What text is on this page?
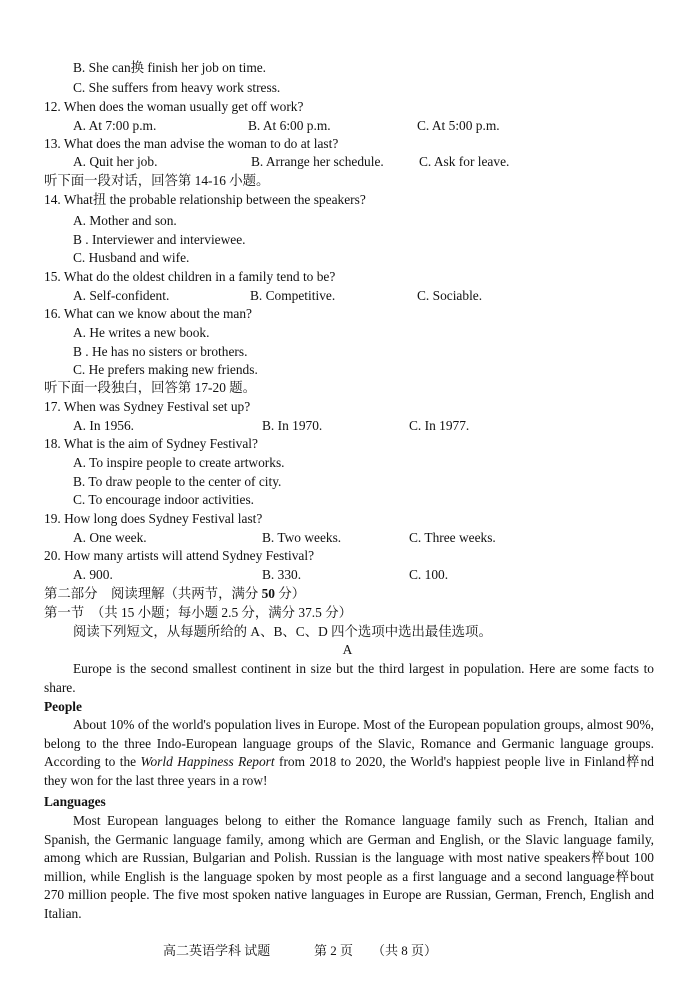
B. She can换 finish her job on time.
C. She suffers from heavy work stress.
12. When does the woman usually get off work?
A. At 7:00 p.m.	B. At 6:00 p.m.	C. At 5:00 p.m.
13. What does the man advise the woman to do at last?
A. Quit her job.	B. Arrange her schedule.	C. Ask for leave.
听下面一段对话，回答第 14-16 小题。
14. What扭 the probable relationship between the speakers?
A. Mother and son.
B . Interviewer and interviewee.
C. Husband and wife.
15. What do the oldest children in a family tend to be?
A. Self-confident.	B. Competitive.	C. Sociable.
16. What can we know about the man?
A. He writes a new book.
B . He has no sisters or brothers.
C. He prefers making new friends.
听下面一段独白，回答第 17-20 题。
17. When was Sydney Festival set up?
A. In 1956.	B. In 1970.	C. In 1977.
18. What is the aim of Sydney Festival?
A. To inspire people to create artworks.
B. To draw people to the center of city.
C. To encourage indoor activities.
19. How long does Sydney Festival last?
A. One week.	B. Two weeks.	C. Three weeks.
20. How many artists will attend Sydney Festival?
A. 900.	B. 330.	C. 100.
第二部分　阅读理解（共两节，满分 50 分）
第一节　（共 15 小题；每小题 2.5 分，满分 37.5 分）
阅读下列短文，从每题所给的 A、B、C、D 四个选项中选出最佳选项。
A
Europe is the second smallest continent in size but the third largest in population. Here are some facts to share.
People
About 10% of the world's population lives in Europe. Most of the European population groups, almost 90%, belong to the three Indo-European language groups of the Slavic, Romance and Germanic language groups. According to the World Happiness Report from 2018 to 2020, the World's happiest people live in Finland椊nd they won for the last three years in a row!
Languages
Most European languages belong to either the Romance language family such as French, Italian and Spanish, the Germanic language family, among which are German and English, or the Slavic language family, among which are Russian, Bulgarian and Polish. Russian is the language with most native speakers椊bout 100 million, while English is the language spoken by most people as a first language and a second language椊bout 270 million people. The five most spoken native languages in Europe are Russian, German, French, English and Italian.
高二英语学科 试题	第 2 页 （共 8 页）
